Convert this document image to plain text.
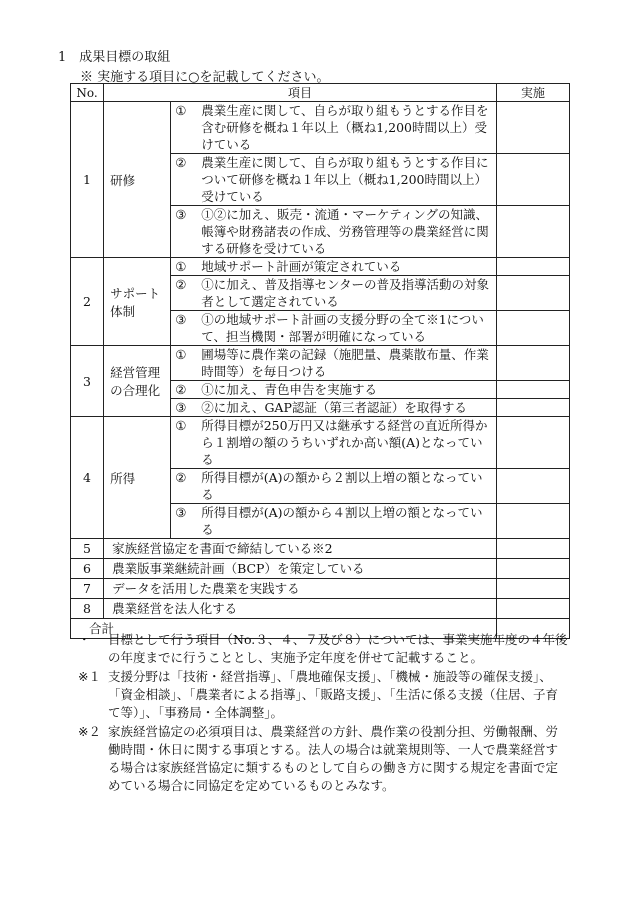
1　成果目標の取組
※ 実施する項目に○を記載してください。
No.	項目		実施
1	研修	① 農業生産に関して、自らが取り組もうとする作目を含む研修を概ね１年以上（概ね1,200時間以上）受けている	

		② 農業生産に関して、自らが取り組もうとする作目について研修を概ね１年以上（概ね1,200時間以上）受けている	

		③ ①②に加え、販売・流通・マーケティングの知識、帳簿や財務諸表の作成、労務管理等の農業経営に関する研修を受けている	

2	サポート体制	① 地域サポート計画が策定されている	

		② ①に加え、普及指導センターの普及指導活動の対象者として選定されている	

		③ ①の地域サポート計画の支援分野の全て※1について、担当機関・部署が明確になっている	

3	経営管理の合理化	① 圃場等に農作業の記録（施肥量、農薬散布量、作業時間等）を毎日つける	

		② ①に加え、青色申告を実施する	

		③ ②に加え、GAP認証（第三者認証）を取得する	

4	所得	① 所得目標が250万円又は継承する経営の直近所得から１割増の額のうちいずれか高い額(A)となっている	

		② 所得目標が(A)の額から２割以上増の額となっている	

		③ 所得目標が(A)の額から４割以上増の額となっている	

5	家族経営協定を書面で締結している※2		
6	農業版事業継続計画（BCP）を策定している		
7	データを活用した農業を実践する		
8	農業経営を法人化する		
合計			
・	目標として行う項目（No.３、４、７及び８）については、事業実施年度の４年後の年度までに行うこととし、実施予定年度を併せて記載すること。
※１ 支援分野は「技術・経営指導」、「農地確保支援」、「機械・施設等の確保支援」、「資金相談」、「農業者による指導」、「販路支援」、「生活に係る支援（住居、子育て等）」、「事務局・全体調整」。
※２ 家族経営協定の必須項目は、農業経営の方針、農作業の役割分担、労働報酬、労働時間・休日に関する事項とする。法人の場合は就業規則等、一人で農業経営する場合は家族経営協定に類するものとして自らの働き方に関する規定を書面で定めている場合に同協定を定めているものとみなす。
